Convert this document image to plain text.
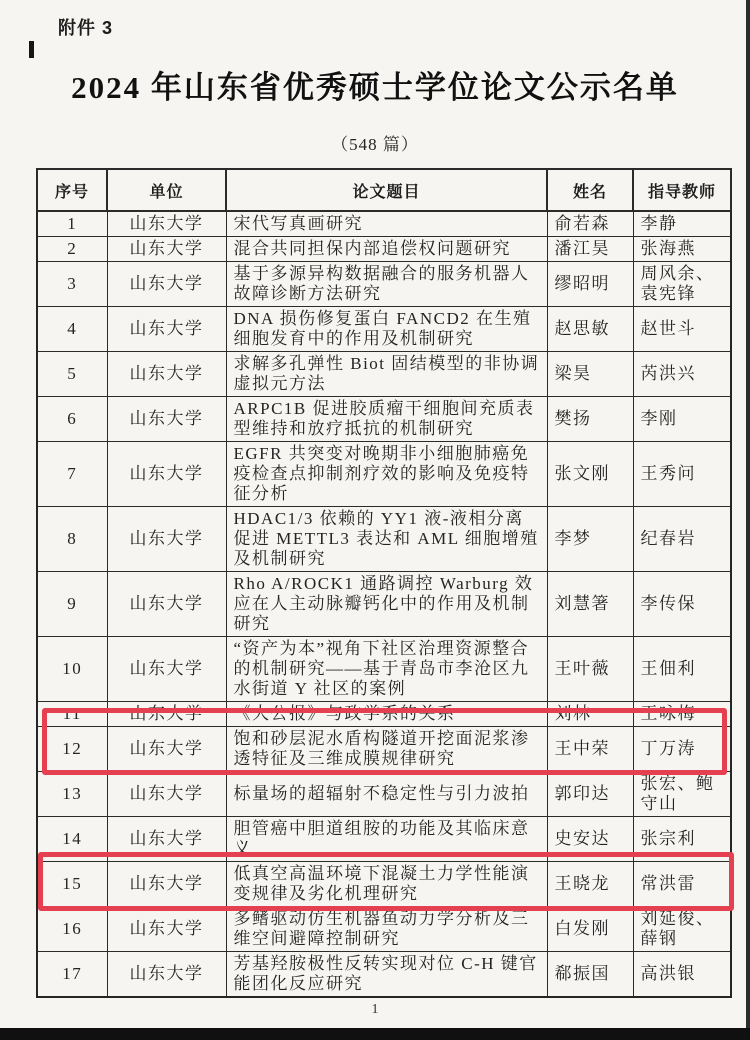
附件 3
2024 年山东省优秀硕士学位论文公示名单
（548 篇）
序号	单位	论文题目	姓名	指导教师
1	山东大学	宋代写真画研究	俞若森	李静
2	山东大学	混合共同担保内部追偿权问题研究	潘江昊	张海燕
3	山东大学	基于多源异构数据融合的服务机器人故障诊断方法研究	缪昭明	周风余、袁宪锋
4	山东大学	DNA 损伤修复蛋白 FANCD2 在生殖细胞发育中的作用及机制研究	赵思敏	赵世斗
5	山东大学	求解多孔弹性 Biot 固结模型的非协调虚拟元方法	梁昊	芮洪兴
6	山东大学	ARPC1B 促进胶质瘤干细胞间充质表型维持和放疗抵抗的机制研究	樊扬	李刚
7	山东大学	EGFR 共突变对晚期非小细胞肺癌免疫检查点抑制剂疗效的影响及免疫特征分析	张文刚	王秀问
8	山东大学	HDAC1/3 依赖的 YY1 液-液相分离促进 METTL3 表达和 AML 细胞增殖及机制研究	李梦	纪春岩
9	山东大学	Rho A/ROCK1 通路调控 Warburg 效应在人主动脉瓣钙化中的作用及机制研究	刘慧箸	李传保
10	山东大学	“资产为本”视角下社区治理资源整合的机制研究——基于青岛市李沧区九水街道 Y 社区的案例	王叶薇	王佃利
11	山东大学	《大公报》与政学系的关系	刘林	王咏梅
12	山东大学	饱和砂层泥水盾构隧道开挖面泥浆渗透特征及三维成膜规律研究	王中荣	丁万涛
13	山东大学	标量场的超辐射不稳定性与引力波拍	郭印达	张宏、鲍守山
14	山东大学	胆管癌中胆道组胺的功能及其临床意义	史安达	张宗利
15	山东大学	低真空高温环境下混凝土力学性能演变规律及劣化机理研究	王晓龙	常洪雷
16	山东大学	多鳍驱动仿生机器鱼动力学分析及三维空间避障控制研究	白发刚	刘延俊、薛钢
17	山东大学	芳基羟胺极性反转实现对位 C-H 键官能团化反应研究	郗振国	高洪银
1
